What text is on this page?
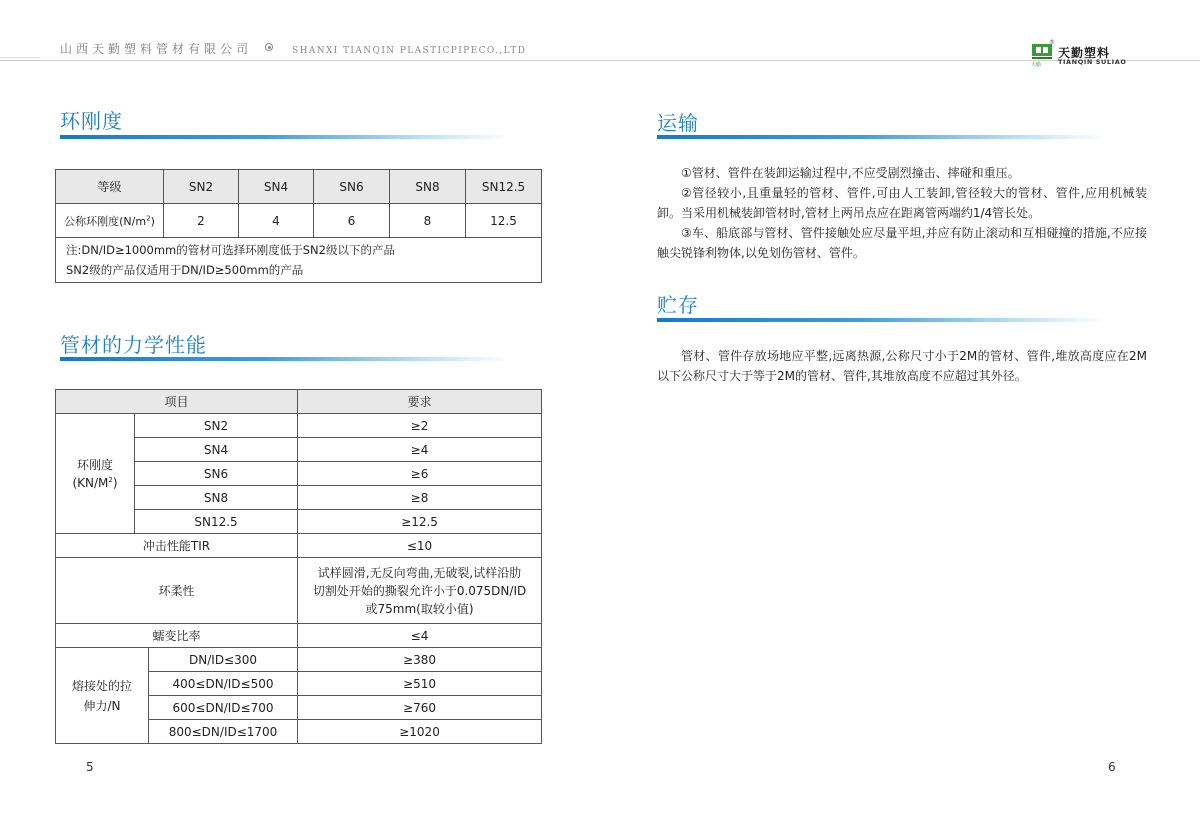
山西天勤塑料管材有限公司	SHANXI TIANQIN PLASTICPIPECO.,LTD
®
天勤
天勤塑料
TIANQIN SULIAO
环刚度
等级	SN2	SN4	SN6	SN8	SN12.5
公称环刚度$(N/m^2)$	2	4	6	8	12.5

注:DN/ID≥1000mm的管材可选择环刚度低于SN2级以下的产品
SN2级的产品仅适用于DN/ID≥500mm的产品					
管材的力学性能
项目			要求

环刚度
$(KN/M^2)$	SN2		≥2
	SN4		≥4
	SN6		≥6
	SN8		≥8
	SN12.5		≥12.5
冲击性能TIR			≤10
环柔性			试样圆滑,无反向弯曲,无破裂,试样沿肋
切割处开始的撕裂允许小于0.075DN/ID
或75mm(取较小值)

蠕变比率			≤4

熔接处的拉
伸力/N		DN/ID≤300	≥380
		400≤DN/ID≤500	≥510
		600≤DN/ID≤700	≥760
		800≤DN/ID≤1700	≥1020
5
运输

①管材、管件在装卸运输过程中,不应受剧烈撞击、摔碰和重压。

②管径较小,且重量轻的管材、管件,可由人工装卸,管径较大的管材、管件,应用机械装卸。当采用机械装卸管材时,管材上两吊点应在距离管两端约1/4管长处。

③车、船底部与管材、管件接触处应尽量平坦,并应有防止滚动和互相碰撞的措施,不应接触尖锐锋利物体,以免划伤管材、管件。

贮存

管材、管件存放场地应平整,远离热源,公称尺寸小于2M的管材、管件,堆放高度应在2M以下公称尺寸大于等于2M的管材、管件,其堆放高度不应超过其外径。

6
